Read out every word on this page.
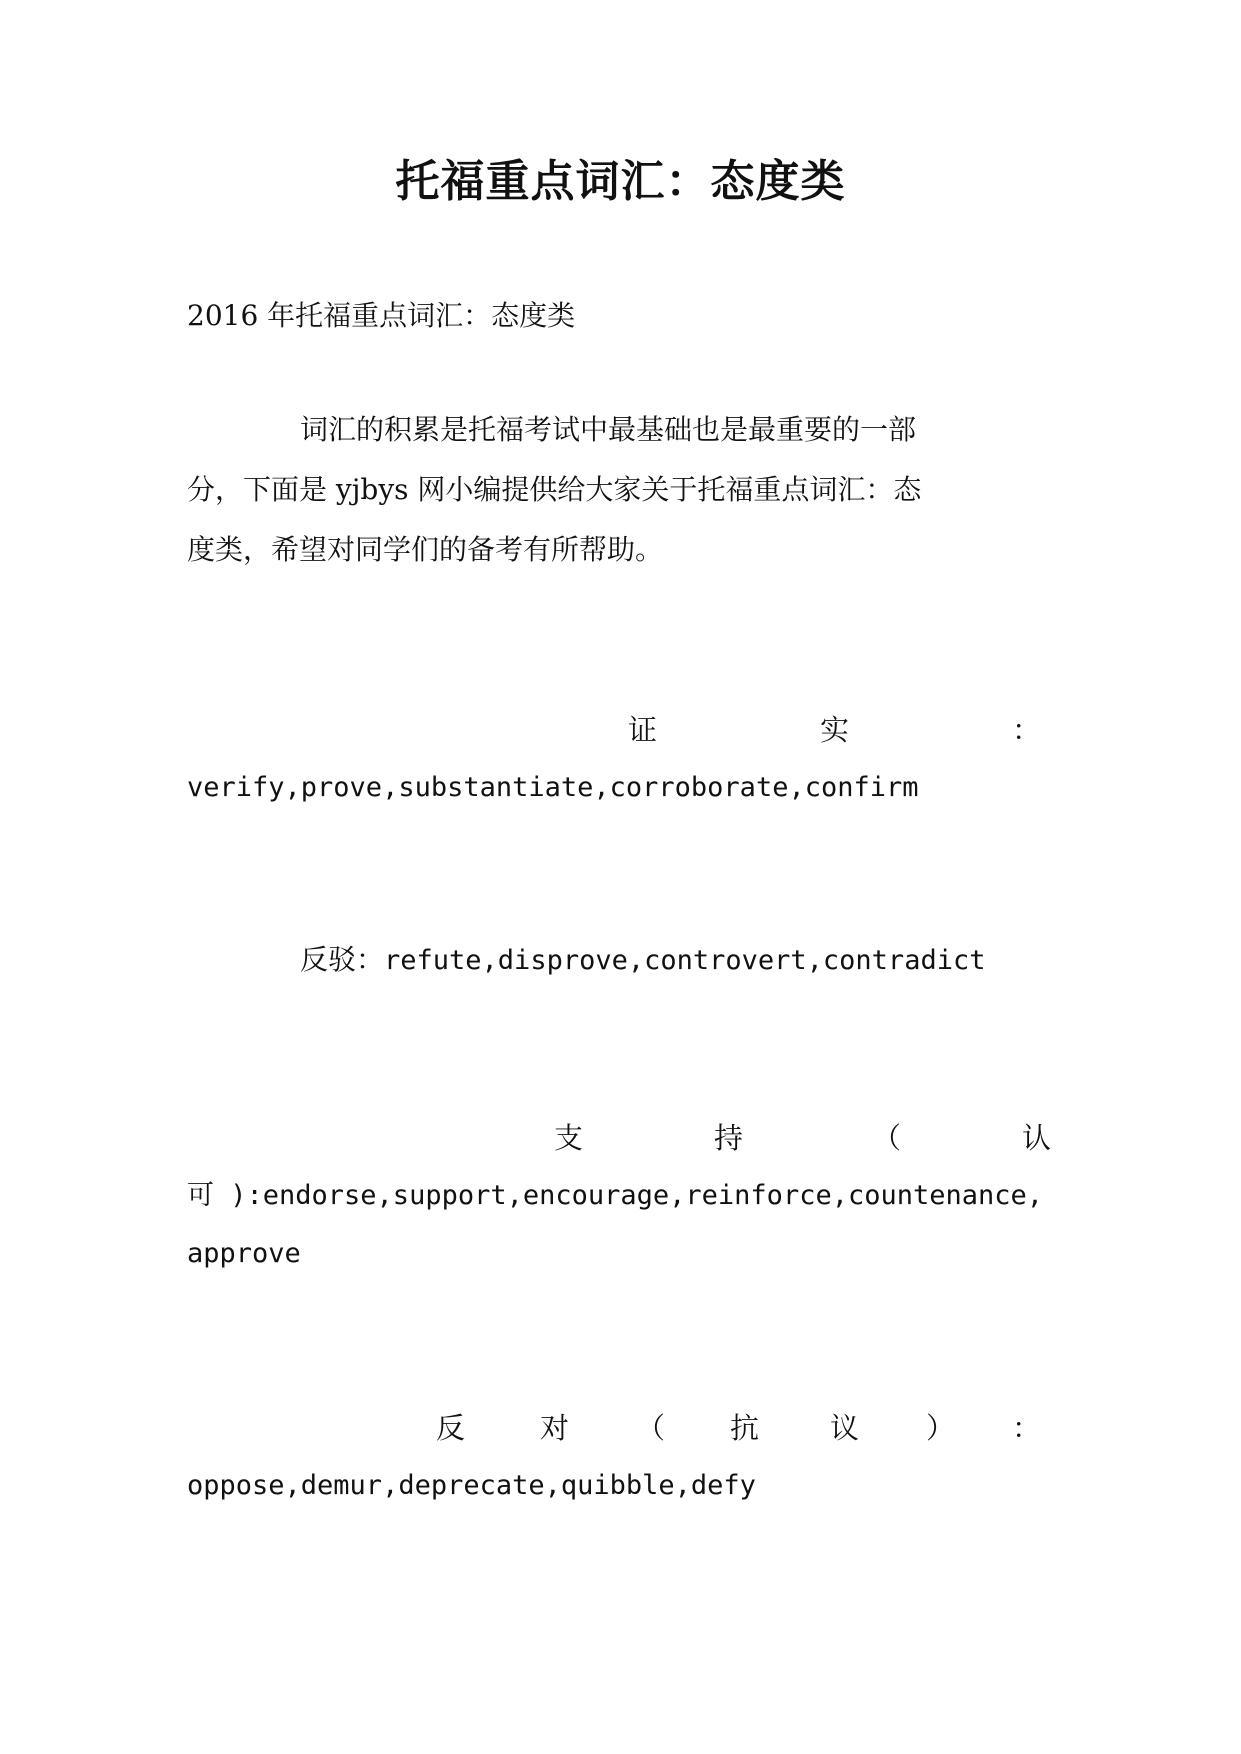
托福重点词汇：态度类

2016 年托福重点词汇：态度类

词汇的积累是托福考试中最基础也是最重要的一部

分，下面是 yjbys 网小编提供给大家关于托福重点词汇：态

度类，希望对同学们的备考有所帮助。

证	实	：

verify,prove,substantiate,corroborate,confirm

反驳：refute,disprove,controvert,contradict

支	持	（	认

可 ):endorse,support,encourage,reinforce,countenance,

approve

反	对 （ 抗 议 ） ：

oppose,demur,deprecate,quibble,defy
